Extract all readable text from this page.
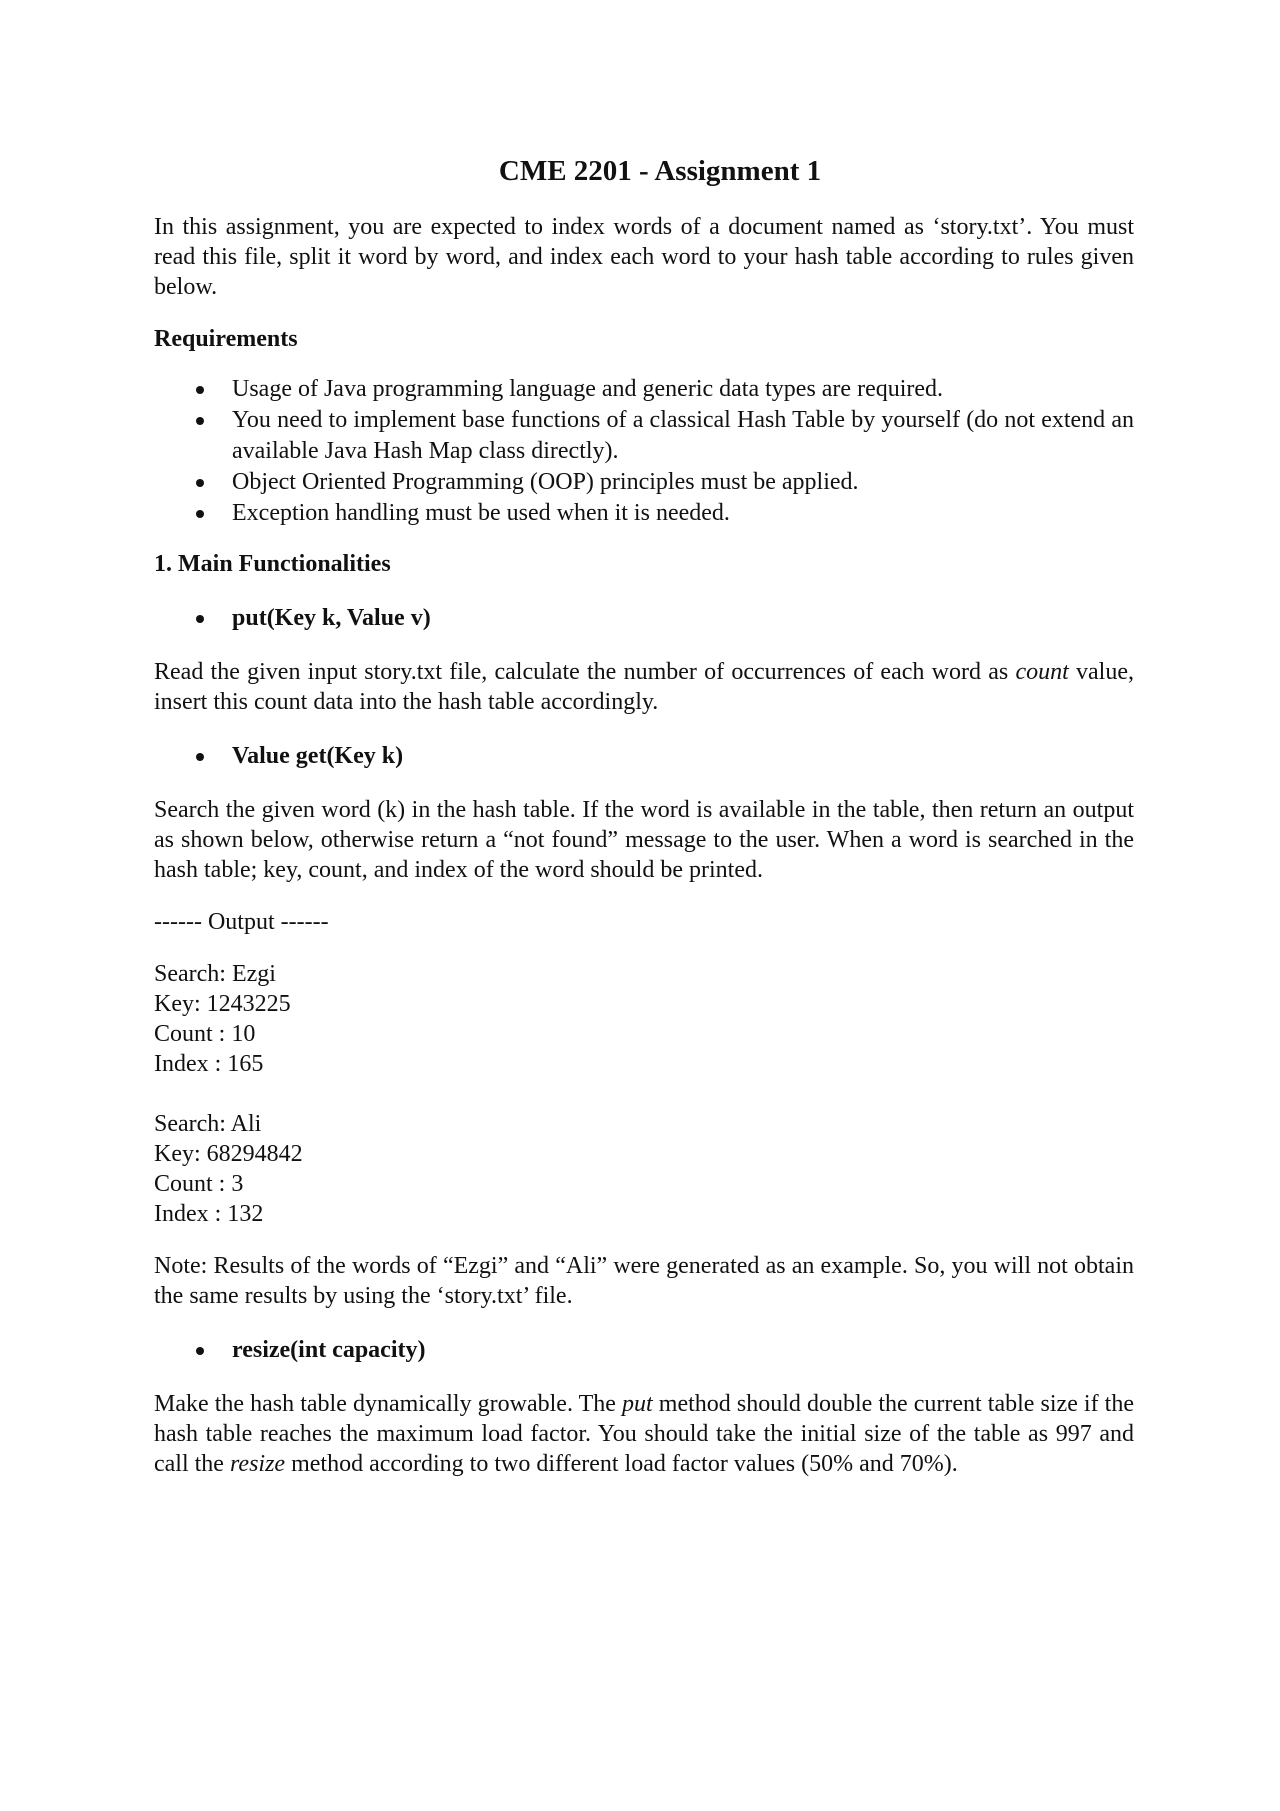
CME 2201 - Assignment 1

In this assignment, you are expected to index words of a document named as ‘story.txt’. You must read this file, split it word by word, and index each word to your hash table according to rules given below.

Requirements

Usage of Java programming language and generic data types are required.
You need to implement base functions of a classical Hash Table by yourself (do not extend an available Java Hash Map class directly).
Object Oriented Programming (OOP) principles must be applied.
Exception handling must be used when it is needed.

1. Main Functionalities

put(Key k, Value v)

Read the given input story.txt file, calculate the number of occurrences of each word as count value, insert this count data into the hash table accordingly.

Value get(Key k)

Search the given word (k) in the hash table. If the word is available in the table, then return an output as shown below, otherwise return a “not found” message to the user. When a word is searched in the hash table; key, count, and index of the word should be printed.

------ Output ------

Search: Ezgi
Key: 1243225
Count : 10
Index : 165
Search: Ali
Key: 68294842
Count : 3
Index : 132

Note: Results of the words of “Ezgi” and “Ali” were generated as an example. So, you will not obtain the same results by using the ‘story.txt’ file.

resize(int capacity)

Make the hash table dynamically growable. The put method should double the current table size if the hash table reaches the maximum load factor. You should take the initial size of the table as 997 and call the resize method according to two different load factor values (50% and 70%).
